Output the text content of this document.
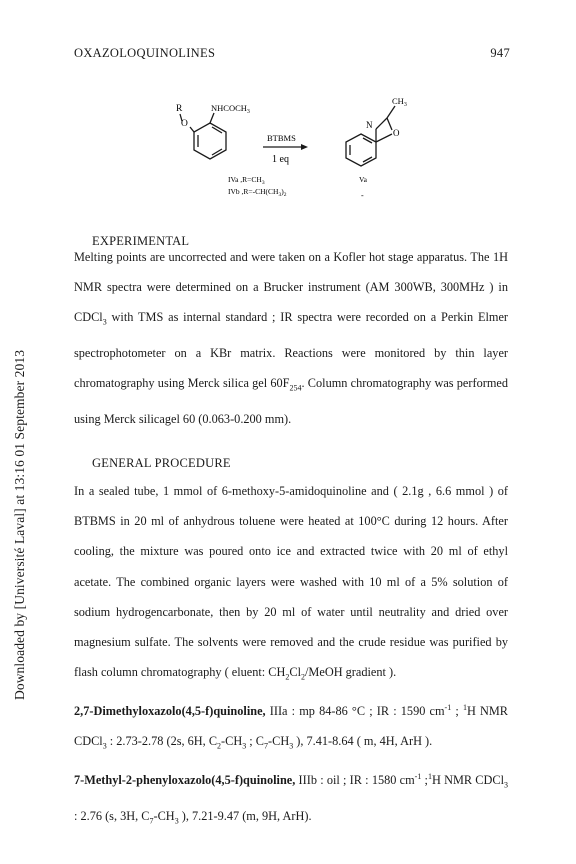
Downloaded by [Université Laval] at 13:16 01 September 2013
OXAZOLOQUINOLINES	947
R
O
$NHCOCH_3$
BTBMS
1 eq
IVa $,R=CH_3$
IVb $,R=-CH(CH_3)_2$
$CH_3$
N
O
Va
-
EXPERIMENTAL

Melting points are uncorrected and were taken on a Kofler hot stage apparatus. The 1H NMR spectra were determined on a Brucker instrument (AM 300WB, 300MHz ) in CDCl$_3$ with TMS as internal standard ; IR spectra were recorded on a Perkin Elmer spectrophotometer on a KBr matrix. Reactions were monitored by thin layer chromatography using Merck silica gel $60F_{254}$. Column chromatography was performed using Merck silicagel 60 (0.063-0.200 mm).

GENERAL PROCEDURE

In a sealed tube, 1 mmol of 6-methoxy-5-amidoquinoline and ( 2.1g , 6.6 mmol ) of BTBMS in 20 ml of anhydrous toluene were heated at 100°C during 12 hours. After cooling, the mixture was poured onto ice and extracted twice with 20 ml of ethyl acetate. The combined organic layers were washed with 10 ml of a 5% solution of sodium hydrogencarbonate, then by 20 ml of water until neutrality and dried over magnesium sulfate. The solvents were removed and the crude residue was purified by flash column chromatography ( eluent: $CH_2Cl_2$/MeOH gradient ).

2,7-Dimethyloxazolo(4,5-f)quinoline, IIIa : mp 84-86 °C ; IR : 1590 $cm^{-1}$ ; $^1$H NMR CDCl$_3$ : 2.73-2.78 (2s, 6H, $C_2-CH_3$ ; $C_7-CH_3$ ), 7.41-8.64 ( m, 4H, ArH ).

7-Methyl-2-phenyloxazolo(4,5-f)quinoline, IIIb : oil ; IR : 1580 $cm^{-1}$ ;$^1$H NMR CDCl$_3$ : 2.76 (s, 3H, $C_7-CH_3$ ), 7.21-9.47 (m, 9H, ArH).
